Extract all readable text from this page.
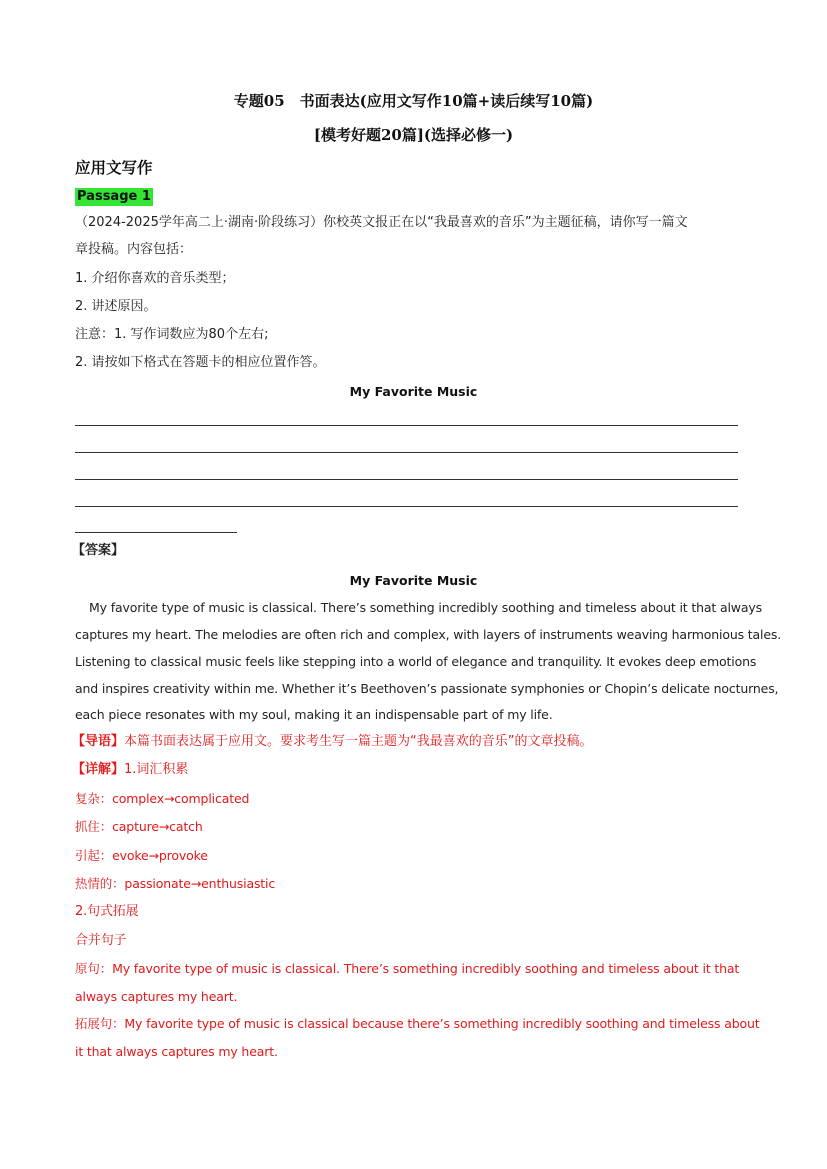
专题05　书面表达(应用文写作10篇+读后续写10篇)
[模考好题20篇](选择必修一)
应用文写作
Passage 1
（2024-2025学年高二上·湖南·阶段练习）你校英文报正在以“我最喜欢的音乐”为主题征稿，请你写一篇文
章投稿。内容包括：
1. 介绍你喜欢的音乐类型；
2. 讲述原因。
注意：1. 写作词数应为80个左右;
2. 请按如下格式在答题卡的相应位置作答。
My Favorite Music
【答案】
My Favorite Music
My favorite type of music is classical. There’s something incredibly soothing and timeless about it that always
captures my heart. The melodies are often rich and complex, with layers of instruments weaving harmonious tales.
Listening to classical music feels like stepping into a world of elegance and tranquility. It evokes deep emotions
and inspires creativity within me. Whether it’s Beethoven’s passionate symphonies or Chopin’s delicate nocturnes,
each piece resonates with my soul, making it an indispensable part of my life.
【导语】本篇书面表达属于应用文。要求考生写一篇主题为“我最喜欢的音乐”的文章投稿。
【详解】1.词汇积累
复杂：complex→complicated
抓住：capture→catch
引起：evoke→provoke
热情的：passionate→enthusiastic
2.句式拓展
合并句子
原句：My favorite type of music is classical. There’s something incredibly soothing and timeless about it that
always captures my heart.
拓展句：My favorite type of music is classical because there’s something incredibly soothing and timeless about
it that always captures my heart.
